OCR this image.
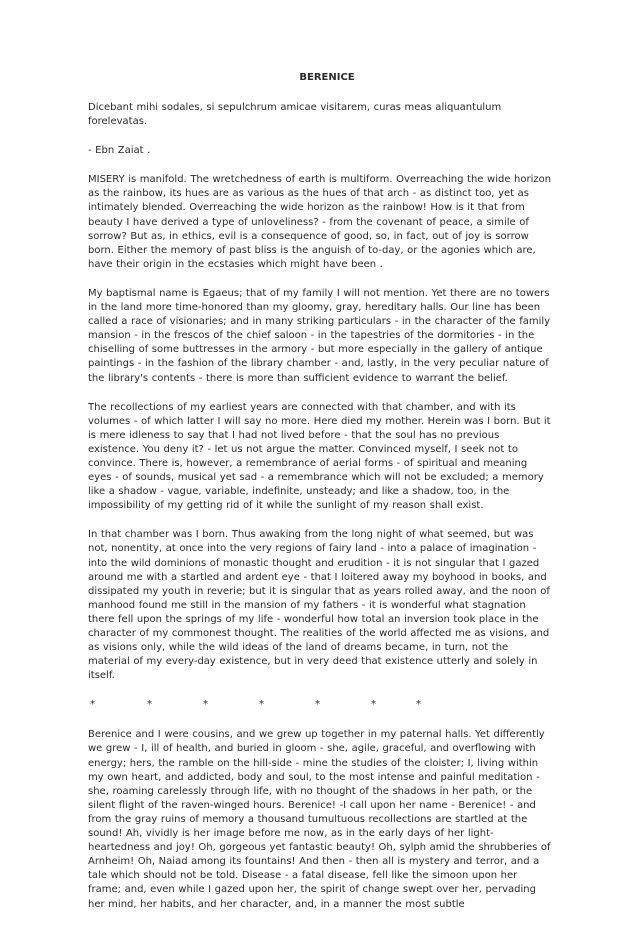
BERENICE

Dicebant mihi sodales, si sepulchrum amicae visitarem, curas meas aliquantulum forelevatas.

- Ebn Zaiat .

MISERY is manifold. The wretchedness of earth is multiform. Overreaching the wide horizon as the rainbow, its hues are as various as the hues of that arch - as distinct too, yet as intimately blended. Overreaching the wide horizon as the rainbow! How is it that from beauty I have derived a type of unloveliness? - from the covenant of peace, a simile of sorrow? But as, in ethics, evil is a consequence of good, so, in fact, out of joy is sorrow born. Either the memory of past bliss is the anguish of to-day, or the agonies which are, have their origin in the ecstasies which might have been .

My baptismal name is Egaeus; that of my family I will not mention. Yet there are no towers in the land more time-honored than my gloomy, gray, hereditary halls. Our line has been called a race of visionaries; and in many striking particulars - in the character of the family mansion - in the frescos of the chief saloon - in the tapestries of the dormitories - in the chiselling of some buttresses in the armory - but more especially in the gallery of antique paintings - in the fashion of the library chamber - and, lastly, in the very peculiar nature of the library's contents - there is more than sufficient evidence to warrant the belief.

The recollections of my earliest years are connected with that chamber, and with its volumes - of which latter I will say no more. Here died my mother. Herein was I born. But it is mere idleness to say that I had not lived before - that the soul has no previous existence. You deny it? - let us not argue the matter. Convinced myself, I seek not to convince. There is, however, a remembrance of aerial forms - of spiritual and meaning eyes - of sounds, musical yet sad - a remembrance which will not be excluded; a memory like a shadow - vague, variable, indefinite, unsteady; and like a shadow, too, in the impossibility of my getting rid of it while the sunlight of my reason shall exist.

In that chamber was I born. Thus awaking from the long night of what seemed, but was not, nonentity, at once into the very regions of fairy land - into a palace of imagination - into the wild dominions of monastic thought and erudition - it is not singular that I gazed around me with a startled and ardent eye - that I loitered away my boyhood in books, and dissipated my youth in reverie; but it is singular that as years rolled away, and the noon of manhood found me still in the mansion of my fathers - it is wonderful what stagnation there fell upon the springs of my life - wonderful how total an inversion took place in the character of my commonest thought. The realities of the world affected me as visions, and as visions only, while the wild ideas of the land of dreams became, in turn, not the material of my every-day existence, but in very deed that existence utterly and solely in itself.

*	*	*	*	*	*	*

Berenice and I were cousins, and we grew up together in my paternal halls. Yet differently we grew - I, ill of health, and buried in gloom - she, agile, graceful, and overflowing with energy; hers, the ramble on the hill-side - mine the studies of the cloister; I, living within my own heart, and addicted, body and soul, to the most intense and painful meditation - she, roaming carelessly through life, with no thought of the shadows in her path, or the silent flight of the raven-winged hours. Berenice! -I call upon her name - Berenice! - and from the gray ruins of memory a thousand tumultuous recollections are startled at the sound! Ah, vividly is her image before me now, as in the early days of her light-heartedness and joy! Oh, gorgeous yet fantastic beauty! Oh, sylph amid the shrubberies of Arnheim! Oh, Naiad among its fountains! And then - then all is mystery and terror, and a tale which should not be told. Disease - a fatal disease, fell like the simoon upon her frame; and, even while I gazed upon her, the spirit of change swept over her, pervading her mind, her habits, and her character, and, in a manner the most subtle
